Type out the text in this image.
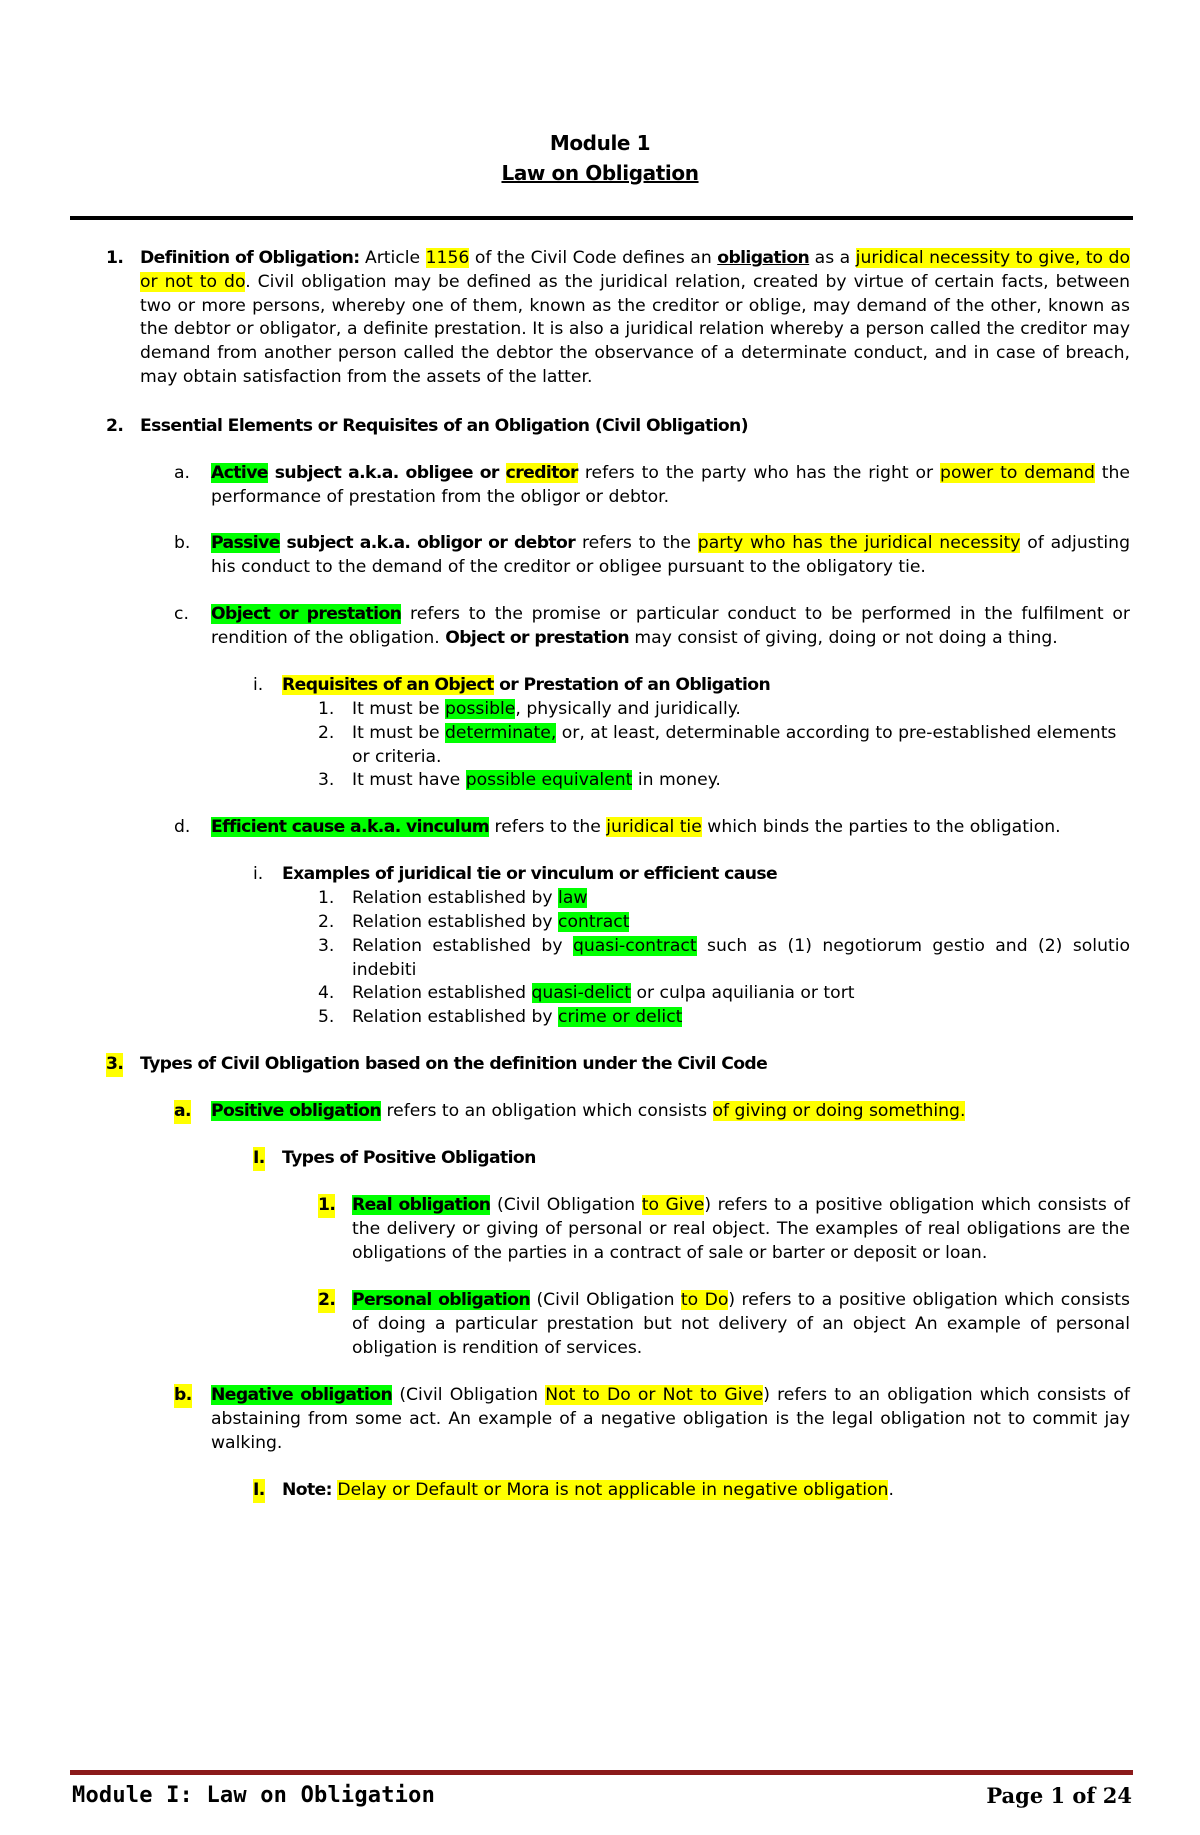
Module 1
Law on Obligation
1. Definition of Obligation: Article 1156 of the Civil Code defines an obligation as a juridical necessity to give, to do or not to do. Civil obligation may be defined as the juridical relation, created by virtue of certain facts, between two or more persons, whereby one of them, known as the creditor or oblige, may demand of the other, known as the debtor or obligator, a definite prestation. It is also a juridical relation whereby a person called the creditor may demand from another person called the debtor the observance of a determinate conduct, and in case of breach, may obtain satisfaction from the assets of the latter.
2. Essential Elements or Requisites of an Obligation (Civil Obligation)
a. Active subject a.k.a. obligee or creditor refers to the party who has the right or power to demand the performance of prestation from the obligor or debtor.
b. Passive subject a.k.a. obligor or debtor refers to the party who has the juridical necessity of adjusting his conduct to the demand of the creditor or obligee pursuant to the obligatory tie.
c. Object or prestation refers to the promise or particular conduct to be performed in the fulfilment or rendition of the obligation. Object or prestation may consist of giving, doing or not doing a thing.
i. Requisites of an Object or Prestation of an Obligation
1. It must be possible, physically and juridically.
2. It must be determinate, or, at least, determinable according to pre-established elements or criteria.
3. It must have possible equivalent in money.
d. Efficient cause a.k.a. vinculum refers to the juridical tie which binds the parties to the obligation.
i. Examples of juridical tie or vinculum or efficient cause
1. Relation established by law
2. Relation established by contract
3. Relation established by quasi-contract such as (1) negotiorum gestio and (2) solutio indebiti
4. Relation established quasi-delict or culpa aquiliania or tort
5. Relation established by crime or delict
3. Types of Civil Obligation based on the definition under the Civil Code
a. Positive obligation refers to an obligation which consists of giving or doing something.
I. Types of Positive Obligation
1. Real obligation (Civil Obligation to Give) refers to a positive obligation which consists of the delivery or giving of personal or real object. The examples of real obligations are the obligations of the parties in a contract of sale or barter or deposit or loan.
2. Personal obligation (Civil Obligation to Do) refers to a positive obligation which consists of doing a particular prestation but not delivery of an object An example of personal obligation is rendition of services.
b. Negative obligation (Civil Obligation Not to Do or Not to Give) refers to an obligation which consists of abstaining from some act. An example of a negative obligation is the legal obligation not to commit jay walking.
I. Note: Delay or Default or Mora is not applicable in negative obligation.
Module I: Law on Obligation	Page 1 of 24
